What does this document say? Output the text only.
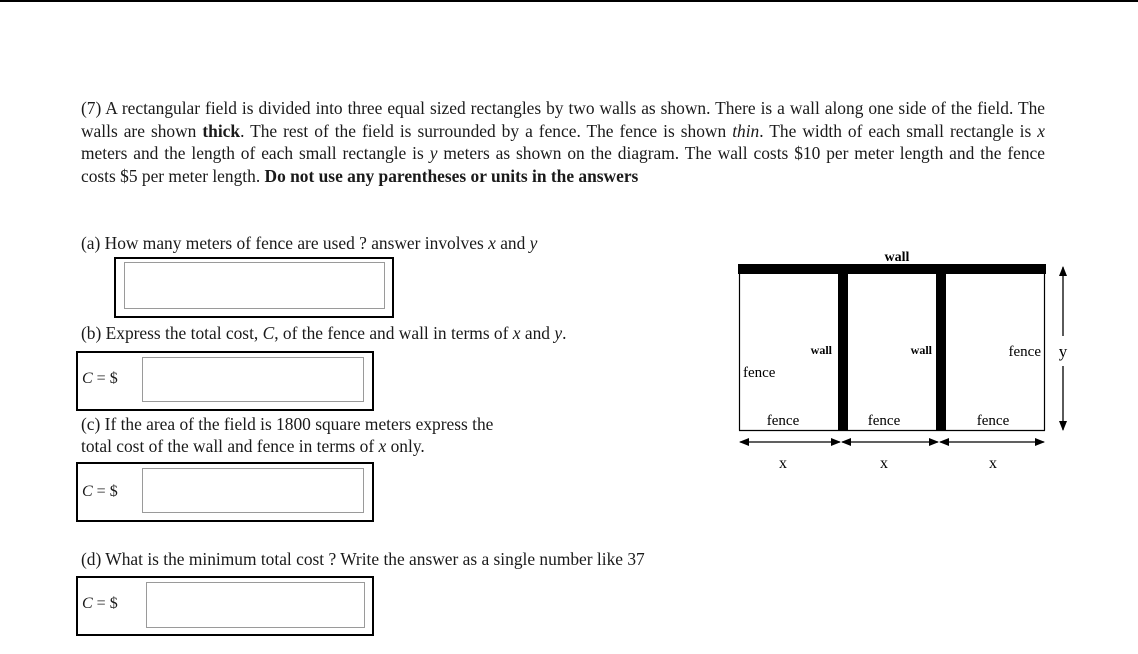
(7) A rectangular field is divided into three equal sized rectangles by two walls as shown. There is a wall along one side of the field. The walls are shown thick. The rest of the field is surrounded by a fence. The fence is shown thin. The width of each small rectangle is x meters and the length of each small rectangle is y meters as shown on the diagram. The wall costs $10 per meter length and the fence costs $5 per meter length. Do not use any parentheses or units in the answers
(a) How many meters of fence are used ? answer involves x and y
(b) Express the total cost, C, of the fence and wall in terms of x and y.
C = $
(c) If the area of the field is 1800 square meters express the
total cost of the wall and fence in terms of x only.
C = $
(d) What is the minimum total cost ? Write the answer as a single number like 37
C = $
wall
wall	wall
fence
fence
fence	fence	fence
x	x	x
y
